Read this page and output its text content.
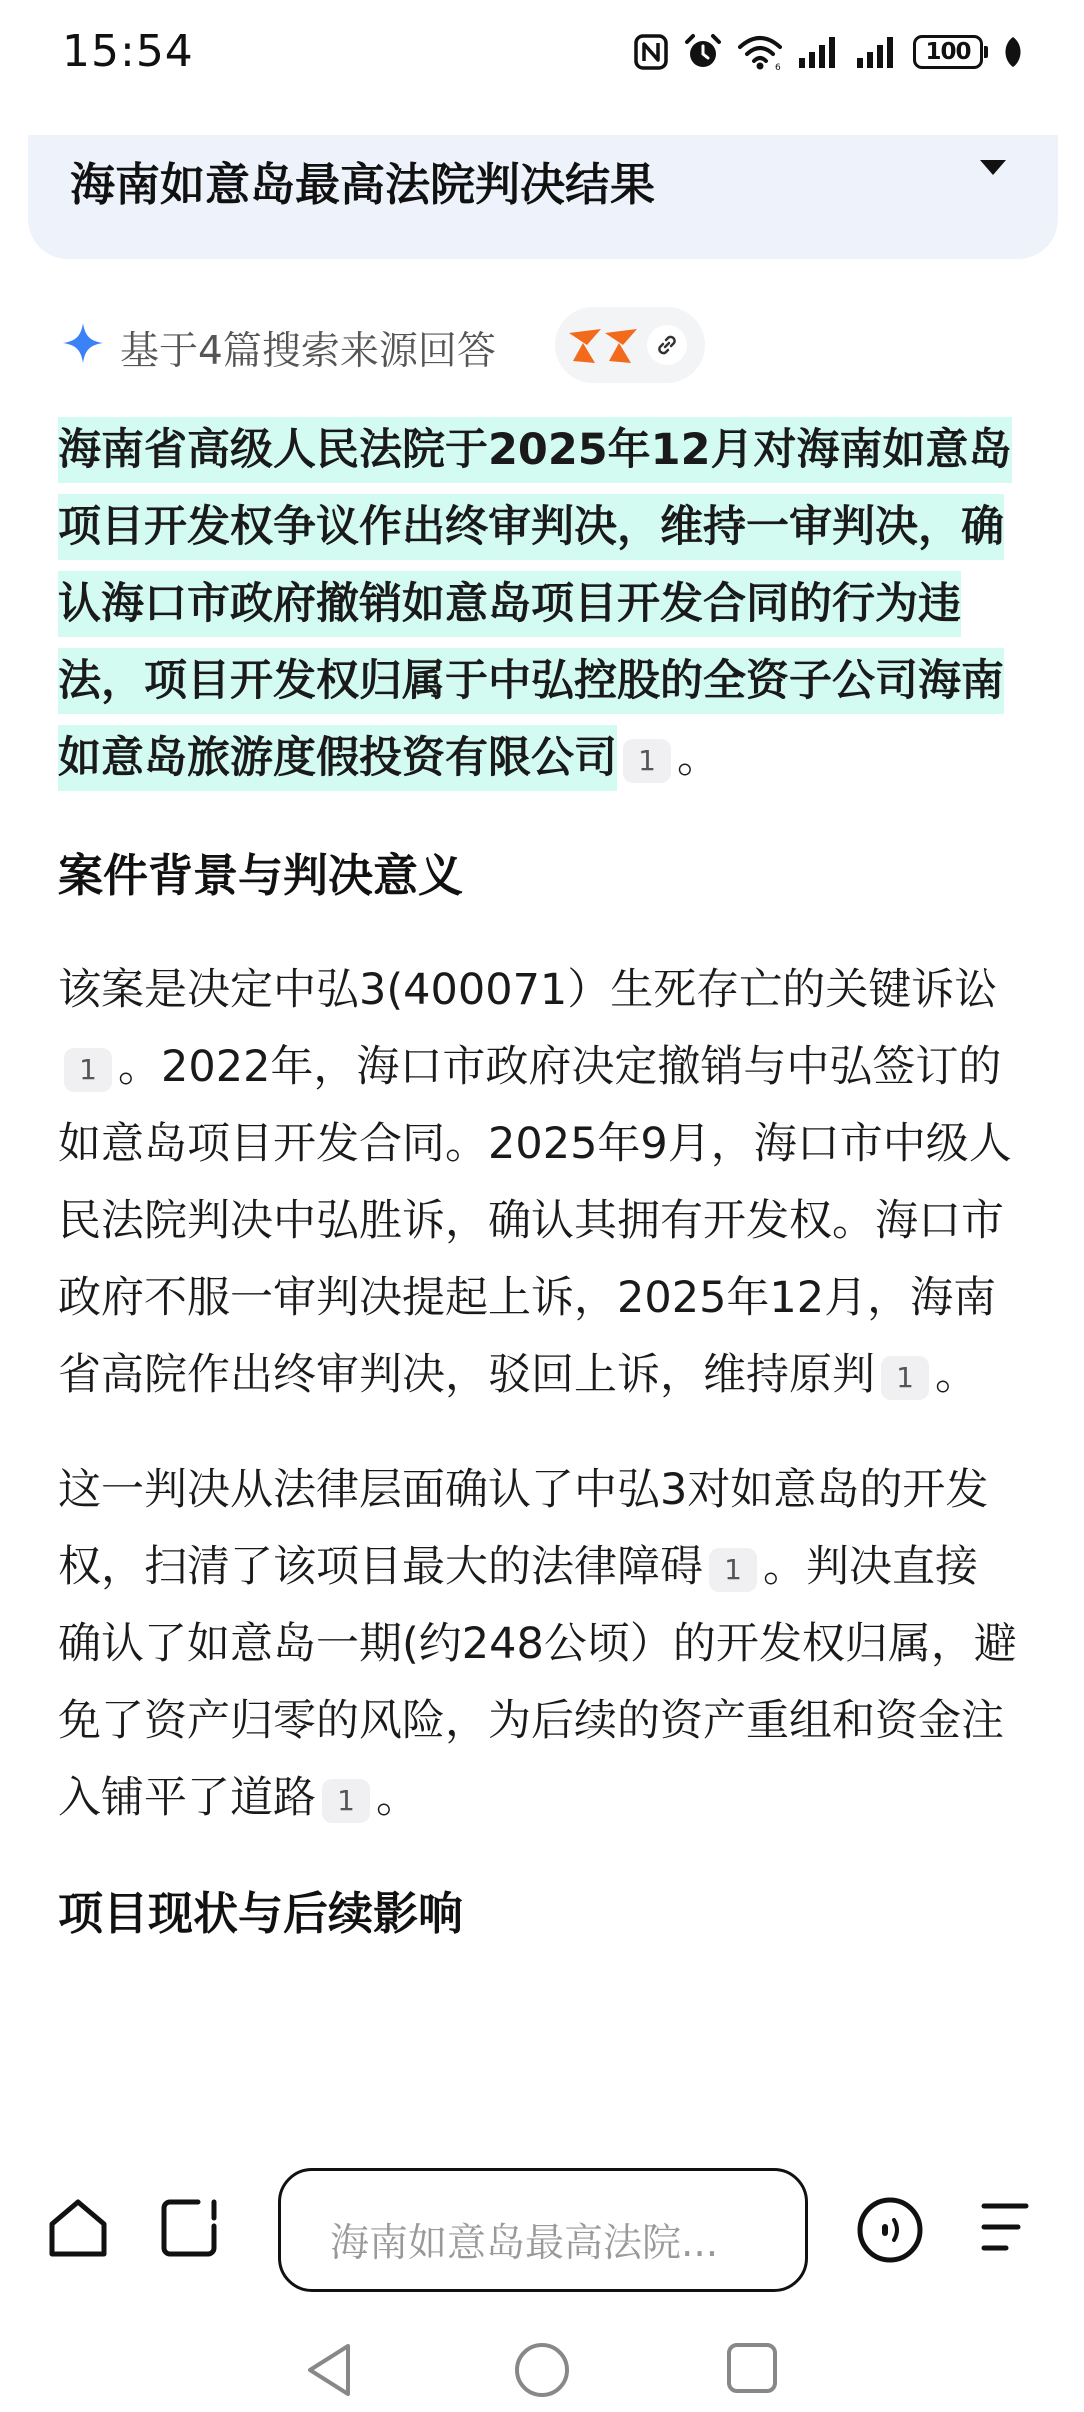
15:54	6
100
海南如意岛最高法院判决结果
基于4篇搜索来源回答

海南省高级人民法院于2025年12月对海南如意岛项目开发权争议作出终审判决，维持一审判决，确认海口市政府撤销如意岛项目开发合同的行为违法，项目开发权归属于中弘控股的全资子公司海南如意岛旅游度假投资有限公司 1 。

案件背景与判决意义

该案是决定中弘3(400071）生死存亡的关键诉讼1 。2022年，海口市政府决定撤销与中弘签订的如意岛项目开发合同。2025年9月，海口市中级人民法院判决中弘胜诉，确认其拥有开发权。海口市政府不服一审判决提起上诉，2025年12月，海南省高院作出终审判决，驳回上诉，维持原判 1 。

这一判决从法律层面确认了中弘3对如意岛的开发权，扫清了该项目最大的法律障碍 1 。判决直接确认了如意岛一期(约248公顷）的开发权归属，避免了资产归零的风险，为后续的资产重组和资金注入铺平了道路 1 。

项目现状与后续影响

海南如意岛最高法院...
